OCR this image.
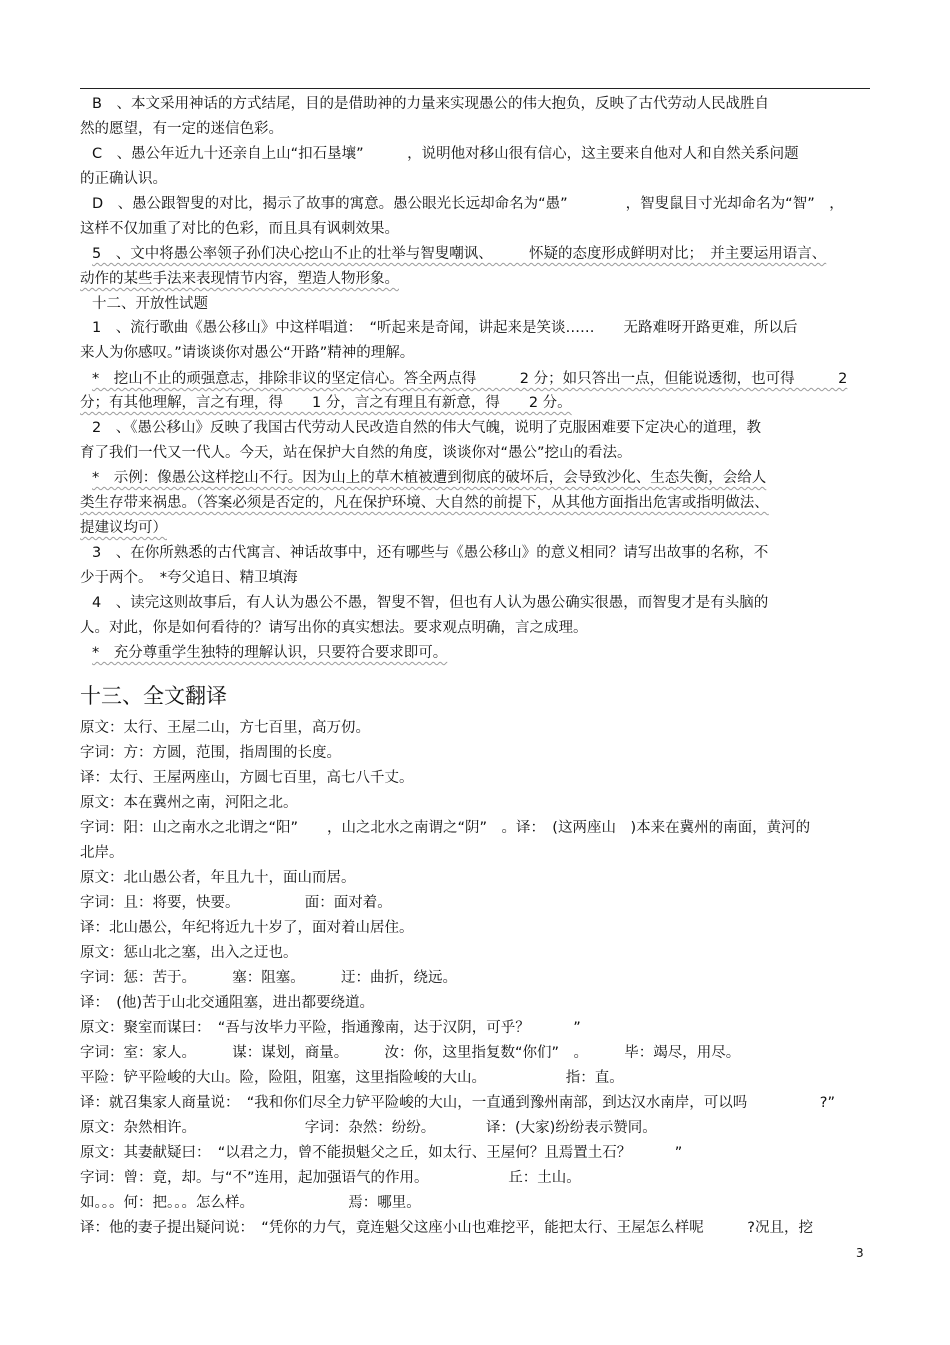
B　、本文采用神话的方式结尾，目的是借助神的力量来实现愚公的伟大抱负，反映了古代劳动人民战胜自
然的愿望，有一定的迷信色彩。
C　、愚公年近九十还亲自上山“扣石垦壤”　　　，说明他对移山很有信心，这主要来自他对人和自然关系问题
的正确认识。
D　、愚公跟智叟的对比，揭示了故事的寓意。愚公眼光长远却命名为“愚”　　　　，智叟鼠目寸光却命名为“智”　，
这样不仅加重了对比的色彩，而且具有讽刺效果。
5　、文中将愚公率领子孙们决心挖山不止的壮举与智叟嘲讽、　　　怀疑的态度形成鲜明对比；　并主要运用语言、
动作的某些手法来表现情节内容，塑造人物形象。
十二、开放性试题
1　、流行歌曲《愚公移山》中这样唱道：　“听起来是奇闻，讲起来是笑谈……　　无路难呀开路更难，所以后
来人为你感叹。”请谈谈你对愚公“开路”精神的理解。
*　挖山不止的顽强意志，排除非议的坚定信心。答全两点得　　　2 分；如只答出一点，但能说透彻，也可得　　　2
分；有其他理解，言之有理，得　　1 分，言之有理且有新意，得　　2 分。
2　、《愚公移山》反映了我国古代劳动人民改造自然的伟大气魄，说明了克服困难要下定决心的道理，教
育了我们一代又一代人。今天，站在保护大自然的角度，谈谈你对“愚公”挖山的看法。
*　示例：像愚公这样挖山不行。因为山上的草木植被遭到彻底的破坏后，会导致沙化、生态失衡，会给人
类生存带来祸患。（答案必须是否定的，凡在保护环境、大自然的前提下，从其他方面指出危害或指明做法、
提建议均可）
3　、在你所熟悉的古代寓言、神话故事中，还有哪些与《愚公移山》的意义相同？请写出故事的名称，不
少于两个。　*夸父追日、精卫填海
4　、读完这则故事后，有人认为愚公不愚，智叟不智，但也有人认为愚公确实很愚，而智叟才是有头脑的
人。对此，你是如何看待的？请写出你的真实想法。要求观点明确，言之成理。
*　充分尊重学生独特的理解认识，只要符合要求即可。
十三、全文翻译
原文：太行、王屋二山，方七百里，高万仞。
字词：方：方圆，范围，指周围的长度。
译：太行、王屋两座山，方圆七百里，高七八千丈。
原文：本在冀州之南，河阳之北。
字词：阳：山之南水之北谓之“阳”　　，山之北水之南谓之“阴”　。译：　(这两座山　)本来在冀州的南面，黄河的
北岸。
原文：北山愚公者，年且九十，面山而居。
字词：且：将要，快要。　　　　　面：面对着。
译：北山愚公，年纪将近九十岁了，面对着山居住。
原文：惩山北之塞，出入之迂也。
字词：惩：苦于。　　　塞：阻塞。　　　迂：曲折，绕远。
译：　(他)苦于山北交通阻塞，进出都要绕道。
原文：聚室而谋曰：　“吾与汝毕力平险，指通豫南，达于汉阴，可乎？　　　”
字词：室：家人。　　　谋：谋划，商量。　　　汝：你，这里指复数“你们”　。　　　毕：竭尽，用尽。
平险：铲平险峻的大山。险，险阻，阻塞，这里指险峻的大山。　　　　　　指：直。
译：就召集家人商量说：　“我和你们尽全力铲平险峻的大山，一直通到豫州南部，到达汉水南岸，可以吗　　　　　?”
原文：杂然相许。　　　　　　　　字词：杂然：纷纷。　　　　译：(大家)纷纷表示赞同。
原文：其妻献疑曰：　“以君之力，曾不能损魁父之丘，如太行、王屋何？且焉置土石？　　　”
字词：曾：竟，却。与“不”连用，起加强语气的作用。　　　　　　丘：土山。
如。。。何：把。。。怎么样。　　　　　　　焉：哪里。
译：他的妻子提出疑问说：　“凭你的力气，竟连魁父这座小山也难挖平，能把太行、王屋怎么样呢　　　?况且，挖
3
